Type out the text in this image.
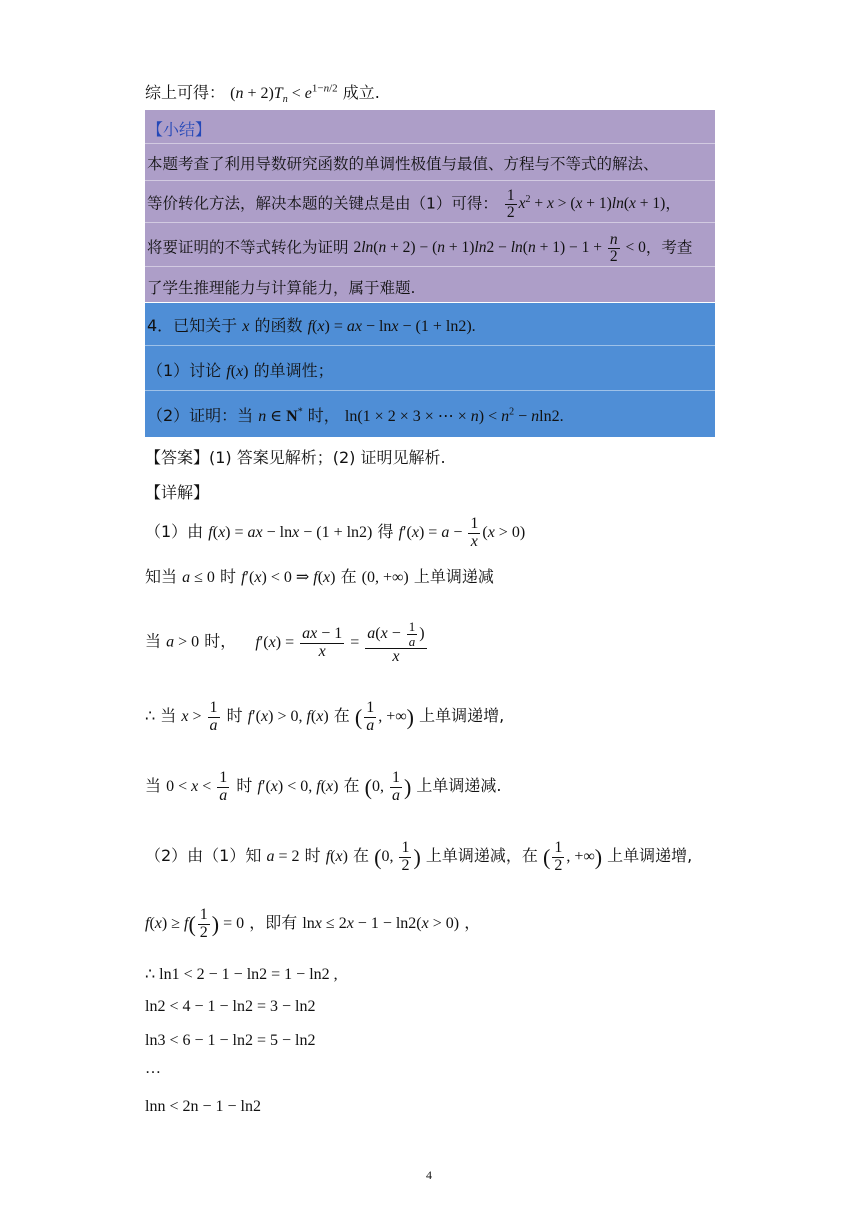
综上可得： $(n + 2)T_n < e^{1-n/2}$ 成立.
【小结】
本题考查了利用导数研究函数的单调性极值与最值、方程与不等式的解法、
等价转化方法，解决本题的关键点是由（1）可得： $\frac{1}{2} x^2 + x > (x + 1)\ln(x + 1)$，
将要证明的不等式转化为证明 $2\ln(n + 2) - (n + 1)\ln 2 - \ln(n + 1) - 1 + \frac{n}{2} < 0$，考查
了学生推理能力与计算能力，属于难题.
4．已知关于 x 的函数 f(x) = ax − lnx − (1 + ln2).
（1）讨论 f(x) 的单调性；
（2）证明：当 n ∈ N* 时， ln(1 × 2 × 3 × ⋯ × $n) < n^2 - nln2$.
【答案】(1) 答案见解析；(2) 证明见解析.
【详解】
（1）由 f(x) = ax − lnx − (1 + ln2) 得 $f'(x) = a - \frac{1}{x} (x > 0)$
知当 a ≤ 0 时 f′(x) < 0 ⇒ f(x) 在 (0, +∞) 上单调递减
当 a > 0 时， $f'(x) = \frac{ax - 1}{x} = \frac{a(x - \frac{1}{a} )}{x}$
∴ 当 $x > \frac{1}{a}$ 时 f′(x) > 0, f(x) 在 ( $\frac{1}{a}$ , +∞) 上单调递增,
当 $0 < x < \frac{1}{a}$ 时 f′(x) < 0, f(x) 在 (0, $\frac{1}{a}$ ) 上单调递减.
（2）由（1）知 a = 2 时 f(x) 在 (0, $\frac{1}{2}$ ) 上单调递减，在 ( $\frac{1}{2}$ , +∞) 上单调递增,
$f(x) \ge f( \frac{1}{2}$ ) = 0 ，即有 lnx ≤ 2x − 1 − ln2(x > 0) ，
∴ ln1 < 2 − 1 − ln2 = 1 − ln2 ,
ln2 < 4 − 1 − ln2 = 3 − ln2
ln3 < 6 − 1 − ln2 = 5 − ln2
…
lnn < 2n − 1 − ln2
4
